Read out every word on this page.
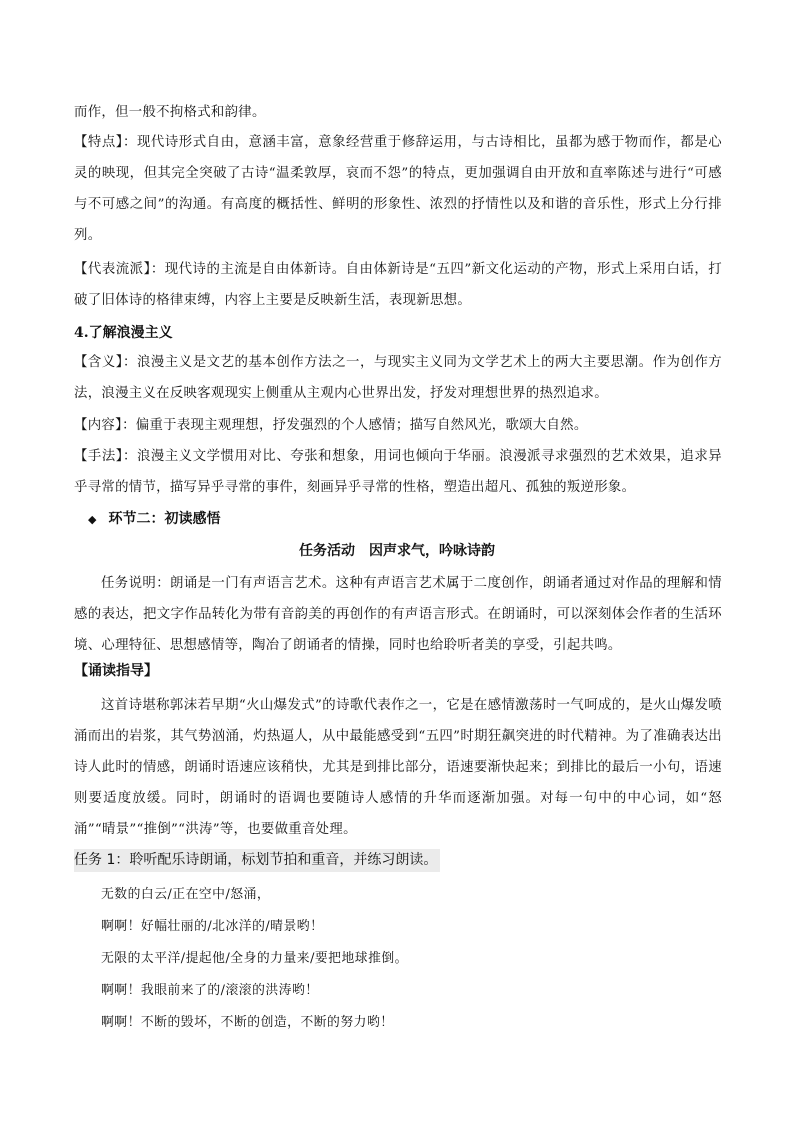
而作，但一般不拘格式和韵律。

【特点】：现代诗形式自由，意涵丰富，意象经营重于修辞运用，与古诗相比，虽都为感于物而作，都是心灵的映现，但其完全突破了古诗“温柔敦厚，哀而不怨”的特点，更加强调自由开放和直率陈述与进行“可感与不可感之间”的沟通。有高度的概括性、鲜明的形象性、浓烈的抒情性以及和谐的音乐性，形式上分行排列。

【代表流派】：现代诗的主流是自由体新诗。自由体新诗是“五四”新文化运动的产物，形式上采用白话，打破了旧体诗的格律束缚，内容上主要是反映新生活，表现新思想。

4.了解浪漫主义

【含义】：浪漫主义是文艺的基本创作方法之一，与现实主义同为文学艺术上的两大主要思潮。作为创作方法，浪漫主义在反映客观现实上侧重从主观内心世界出发，抒发对理想世界的热烈追求。

【内容】：偏重于表现主观理想，抒发强烈的个人感情；描写自然风光，歌颂大自然。

【手法】：浪漫主义文学惯用对比、夸张和想象，用词也倾向于华丽。浪漫派寻求强烈的艺术效果，追求异乎寻常的情节，描写异乎寻常的事件，刻画异乎寻常的性格，塑造出超凡、孤独的叛逆形象。

◆ 环节二：初读感悟

任务活动　因声求气，吟咏诗韵

任务说明：朗诵是一门有声语言艺术。这种有声语言艺术属于二度创作，朗诵者通过对作品的理解和情感的表达，把文字作品转化为带有音韵美的再创作的有声语言形式。在朗诵时，可以深刻体会作者的生活环境、心理特征、思想感情等，陶冶了朗诵者的情操，同时也给聆听者美的享受，引起共鸣。

【诵读指导】

这首诗堪称郭沫若早期“火山爆发式”的诗歌代表作之一，它是在感情激荡时一气呵成的，是火山爆发喷涌而出的岩浆，其气势汹涌，灼热逼人，从中最能感受到“五四”时期狂飙突进的时代精神。为了准确表达出诗人此时的情感，朗诵时语速应该稍快，尤其是到排比部分，语速要渐快起来；到排比的最后一小句，语速则要适度放缓。同时，朗诵时的语调也要随诗人感情的升华而逐渐加强。对每一句中的中心词，如“怒涌”“晴景”“推倒”“洪涛”等，也要做重音处理。

任务 1：聆听配乐诗朗诵，标划节拍和重音，并练习朗读。

无数的白云/正在空中/怒涌，

啊啊！好幅壮丽的/北冰洋的/晴景哟！

无限的太平洋/提起他/全身的力量来/要把地球推倒。

啊啊！我眼前来了的/滚滚的洪涛哟！

啊啊！不断的毁坏，不断的创造，不断的努力哟！
